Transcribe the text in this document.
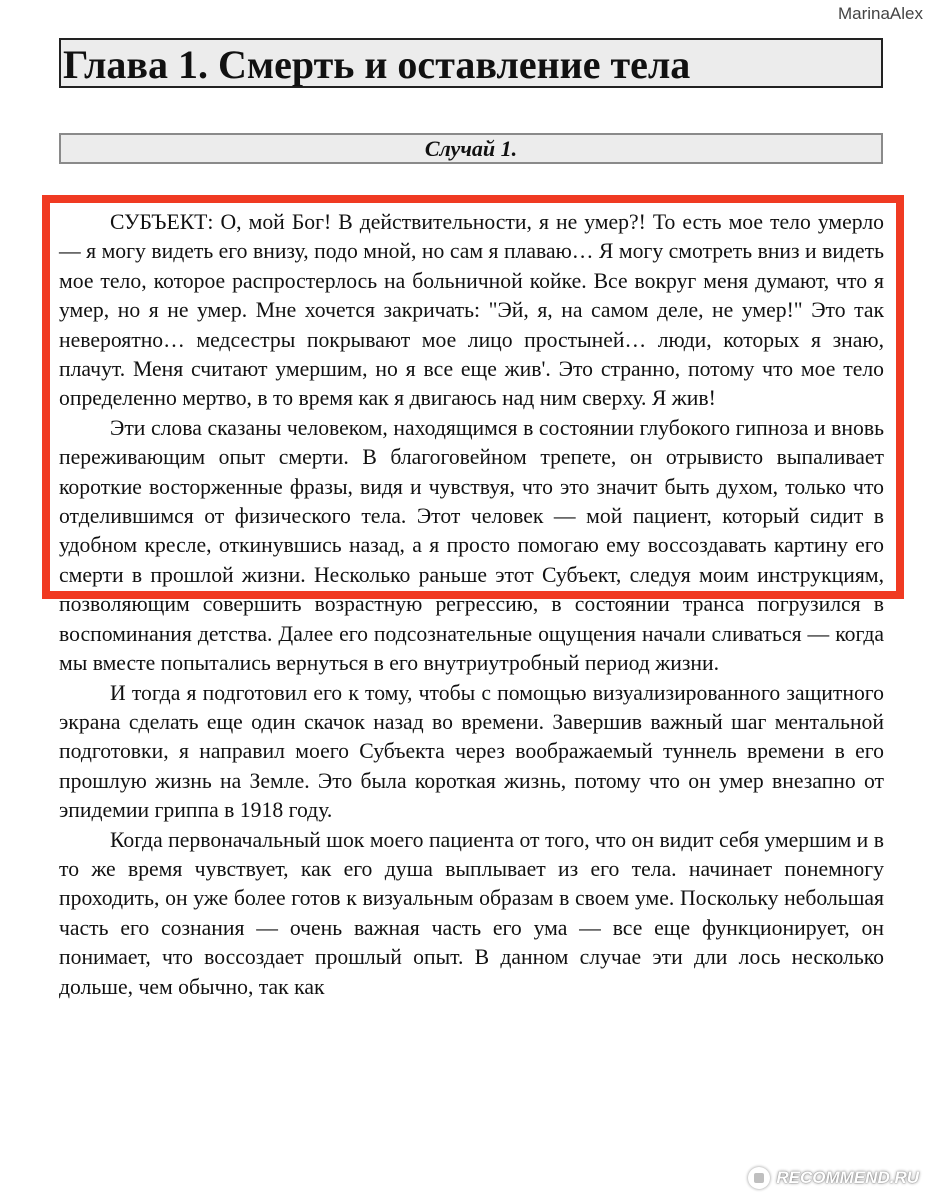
MarinaAlex
Глава 1. Смерть и оставление тела
Случай 1.

СУБЪЕКТ: О, мой Бог! В действительности, я не умер?! То есть мое тело умерло — я могу видеть его внизу, подо мной, но сам я плаваю… Я могу смотреть вниз и видеть мое тело, которое распростерлось на больничной койке. Все вокруг меня думают, что я умер, но я не умер. Мне хочется закричать: "Эй, я, на самом деле, не умер!" Это так невероятно… медсестры покрывают мое лицо простыней… люди, которых я знаю, плачут. Меня считают умершим, но я все еще жив'. Это странно, потому что мое тело определенно мертво, в то время как я двигаюсь над ним сверху. Я жив!

Эти слова сказаны человеком, находящимся в состоянии глубокого гипноза и вновь переживающим опыт смерти. В благоговейном трепете, он отрывисто выпаливает короткие восторженные фразы, видя и чувствуя, что это значит быть духом, только что отделившимся от физического тела. Этот человек — мой пациент, который сидит в удобном кресле, откинувшись назад, а я просто помогаю ему воссоздавать картину его смерти в прошлой жизни. Несколько раньше этот Субъект, следуя моим инструкциям, позволяющим совершить возрастную регрессию, в состоянии транса погрузился в воспоминания детства. Далее его подсознательные ощущения начали сливаться — когда мы вместе попытались вернуться в его внутриутробный период жизни.

И тогда я подготовил его к тому, чтобы с помощью визуализированного защитного экрана сделать еще один скачок назад во времени. Завершив важный шаг ментальной подготовки, я направил моего Субъекта через воображаемый туннель времени в его прошлую жизнь на Земле. Это была короткая жизнь, потому что он умер внезапно от эпидемии гриппа в 1918 году.

Когда первоначальный шок моего пациента от того, что он видит себя умершим и в то же время чувствует, как его душа выплывает из его тела. начинает понемногу проходить, он уже более готов к визуальным образам в своем уме. Поскольку небольшая часть его сознания — очень важная часть его ума — все еще функционирует, он понимает, что воссоздает прошлый опыт. В данном случае эти дли лось несколько дольше, чем обычно, так как

RECOMMEND.RU
